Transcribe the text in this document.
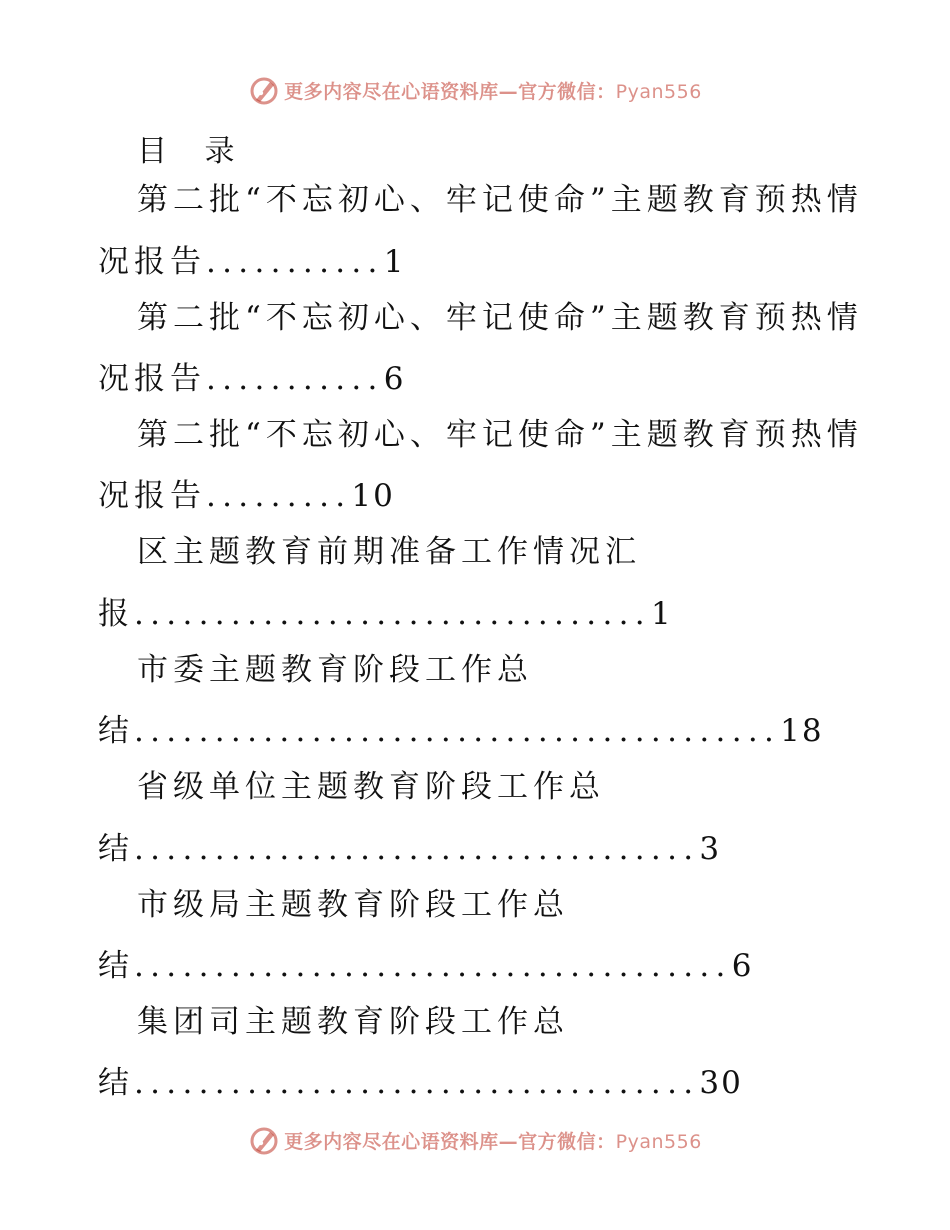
更多内容尽在心语资料库—官方微信：Pyan556
目 录
第二批“不忘初心、牢记使命”主题教育预热情
况报告...........1
第二批“不忘初心、牢记使命”主题教育预热情
况报告...........6
第二批“不忘初心、牢记使命”主题教育预热情
况报告.........10
区主题教育前期准备工作情况汇
报................................1
市委主题教育阶段工作总
结........................................18
省级单位主题教育阶段工作总
结...................................3
市级局主题教育阶段工作总
结.....................................6
集团司主题教育阶段工作总
结...................................30
更多内容尽在心语资料库—官方微信：Pyan556
